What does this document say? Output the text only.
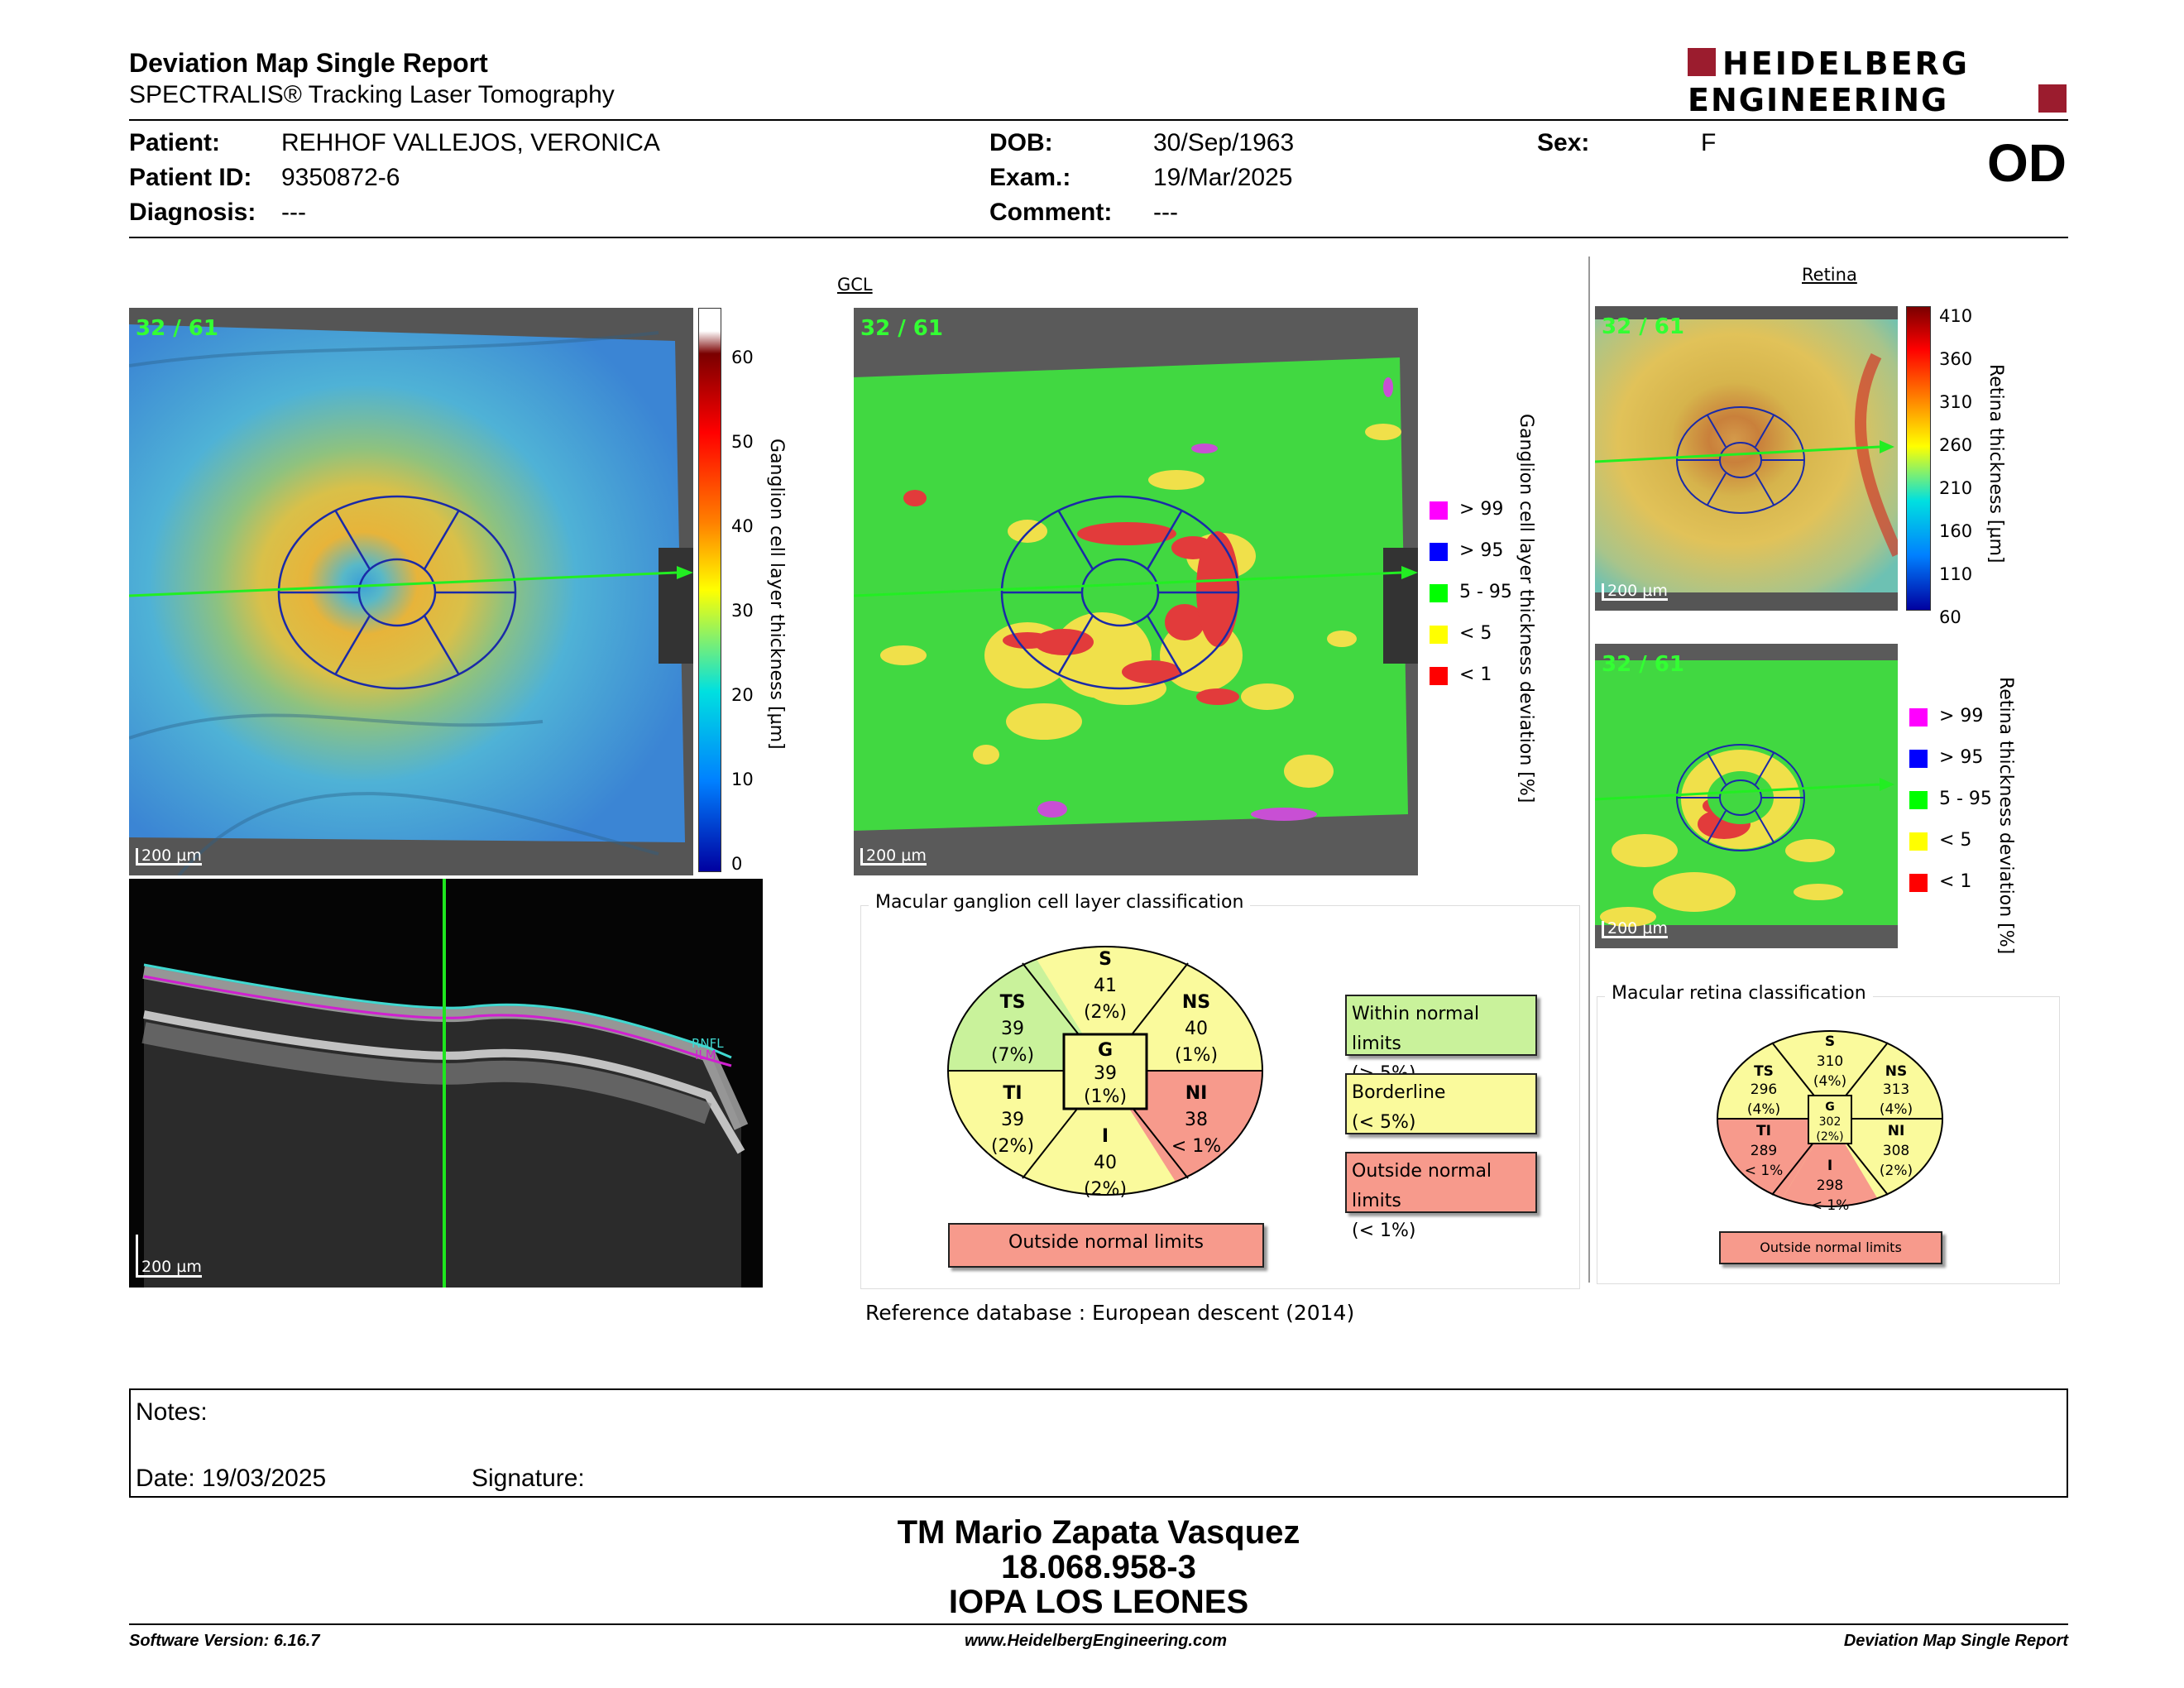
Deviation Map Single Report
SPECTRALIS® Tracking Laser Tomography
HEIDELBERG
ENGINEERING
Patient: REHHOF VALLEJOS, VERONICA
Patient ID: 9350872-6
Diagnosis: ---
DOB:	30/Sep/1963
Exam.:	19/Mar/2025
Comment: ---
Sex:	F	OD
32 / 61
200 µm
60
50
40
30
20
10
0
Ganglion cell layer thickness [µm]
RNFL
ILM
200 µm
GCL
32 / 61
200 µm
> 99
> 95
5 - 95
< 5
< 1 Ganglion cell layer thickness deviation [%]
Retina
32 / 61
200 µm
410
360
310
260
210
160
110
60
Retina thickness [µm]
32 / 61
200 µm
> 99
> 95
5 - 95
< 5
< 1 Retina thickness deviation [%]
Macular ganglion cell layer classification
S
41
(2%)
TS
39
(7%)
NS
40
(1%)
G
39
(1%)
TI
39
(2%)
NI
38
< 1%
I
40
(2%)
Outside normal limits
Within normal limits
Borderline
(< 5%)
Outside normal limits
(< 1%)
Reference database : European descent (2014)
Macular retina classification
S
310
(4%)
TS
296
(4%)
NS
313
(4%)
G
302
(2%)
TI
289
< 1%
NI
308
(2%)
I
298
< 1%
Outside normal limits
Notes:
Date: 19/03/2025	Signature:
TM Mario Zapata Vasquez
18.068.958-3
IOPA LOS LEONES
Software Version: 6.16.7	www.HeidelbergEngineering.com	Deviation Map Single Report
